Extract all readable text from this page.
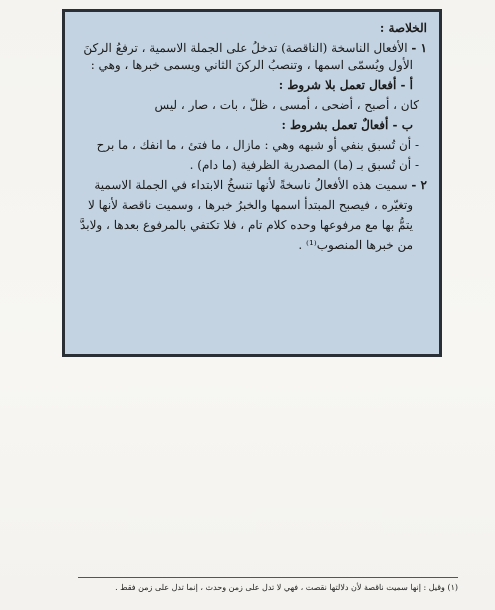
الخلاصة :
١ - الأفعال الناسخة (الناقصة) تدخلُ على الجملة الاسمية ، ترفعُ الركنَ
الأول ويُسمّى اسمها ، وتنصبُ الركنَ الثاني ويسمى خبرها ، وهي :
أ - أفعال تعمل بلا شروط :
كان ، أصبح ، أضحى ، أمسى ، ظلّ ، بات ، صار ، ليس
ب - أفعالٌ تعمل بشروط :
- أن تُسبق بنفي أو شبهه وهي : مازال ، ما فتئ ، ما انفك ، ما برح
- أن تُسبق بـ (ما) المصدرية الظرفية (ما دام) .
٢ - سميت هذه الأفعالُ ناسخةً لأنها تنسخُ الابتداء في الجملة الاسمية
وتغيّره ، فيصبح المبتدأ اسمها والخبرُ خبرها ، وسميت ناقصة لأنها لا
يتمُّ بها مع مرفوعها وحده كلام تام ، فلا تكتفي بالمرفوع بعدها ، ولابدَّ
من خبرها المنصوب⁽¹⁾ .
(١) وقيل : إنها سميت ناقصة لأن دلالتها نقصت ، فهي لا تدل على زمن وحدث ، إنما تدل على زمن فقط .
